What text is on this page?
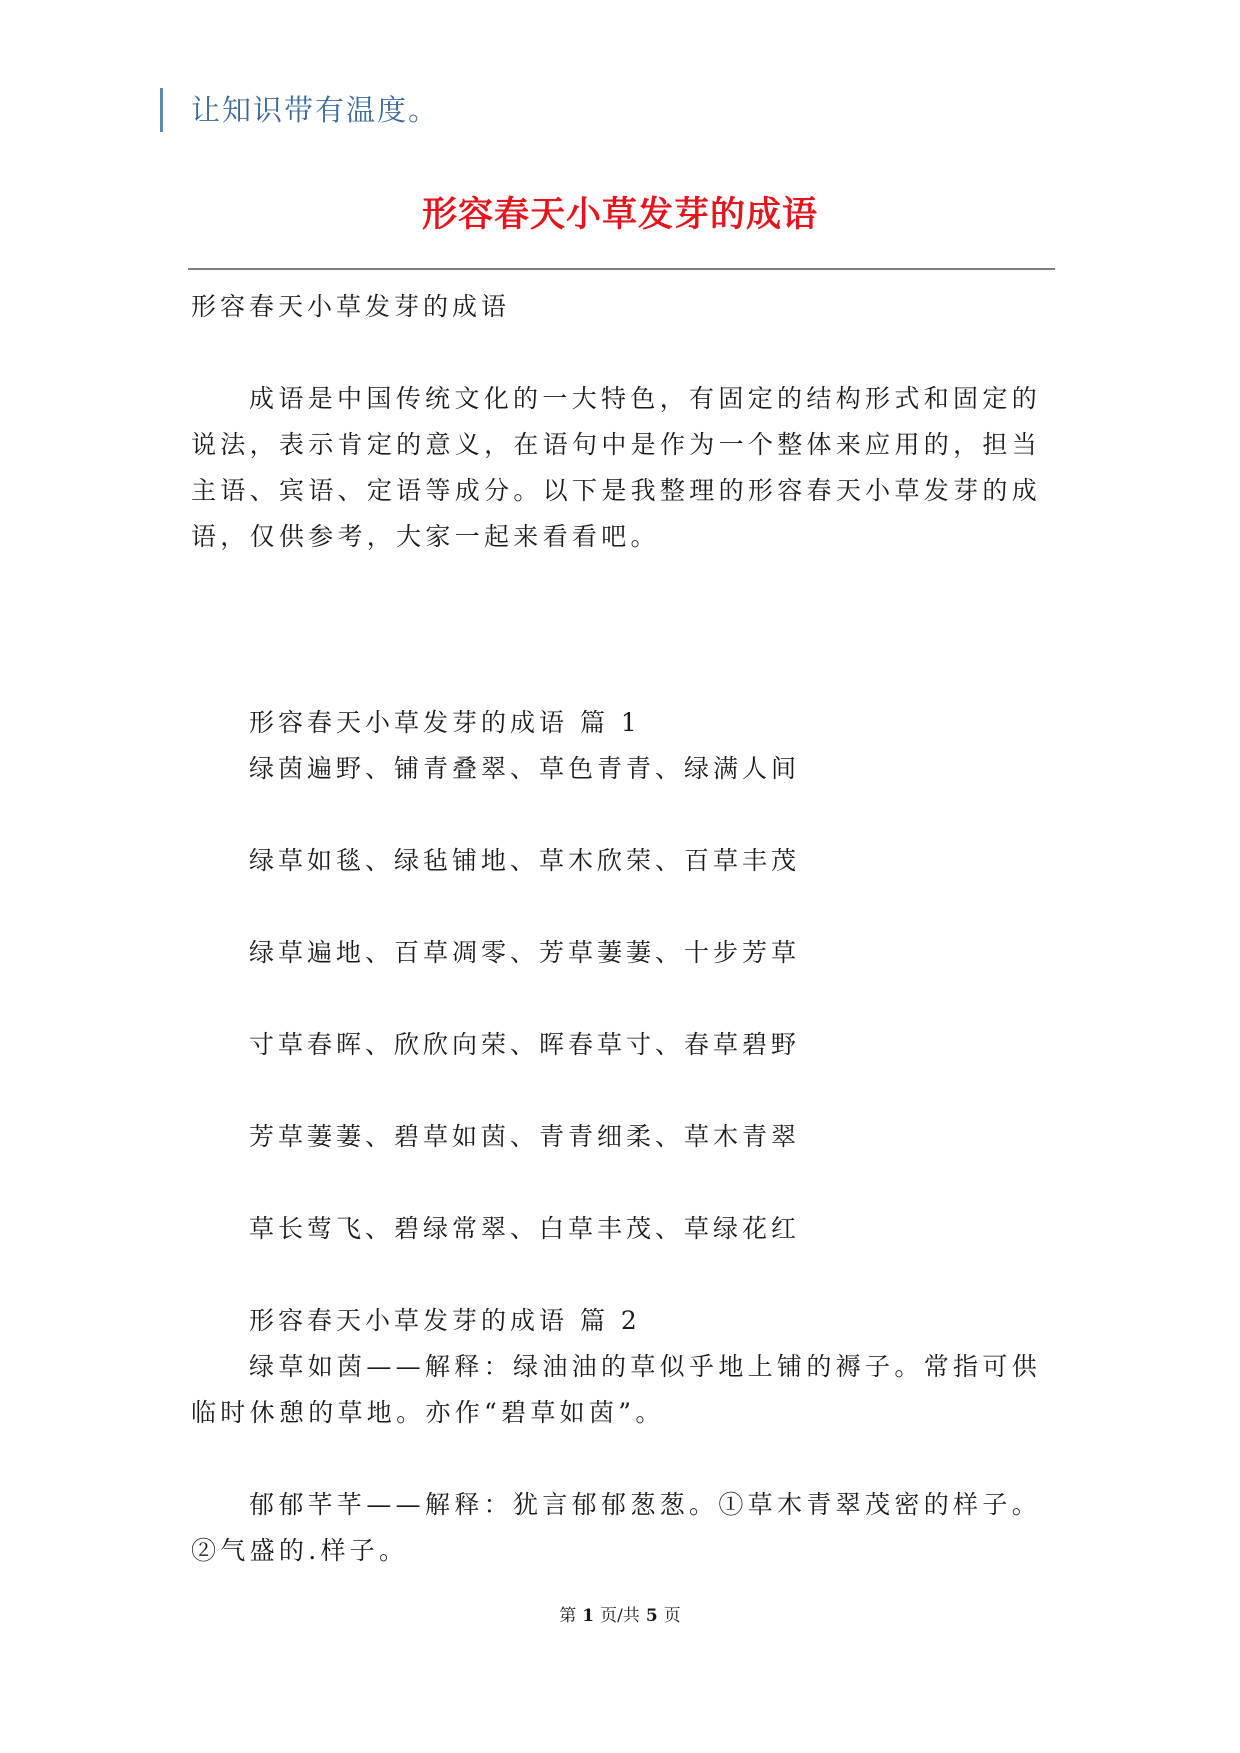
让知识带有温度。
形容春天小草发芽的成语
形容春天小草发芽的成语
成语是中国传统文化的一大特色，有固定的结构形式和固定的说法，表示肯定的意义，在语句中是作为一个整体来应用的，担当主语、宾语、定语等成分。以下是我整理的形容春天小草发芽的成语，仅供参考，大家一起来看看吧。
形容春天小草发芽的成语 篇 1
绿茵遍野、铺青叠翠、草色青青、绿满人间
绿草如毯、绿毡铺地、草木欣荣、百草丰茂
绿草遍地、百草凋零、芳草萋萋、十步芳草
寸草春晖、欣欣向荣、晖春草寸、春草碧野
芳草萋萋、碧草如茵、青青细柔、草木青翠
草长莺飞、碧绿常翠、白草丰茂、草绿花红
形容春天小草发芽的成语 篇 2
绿草如茵——解释：绿油油的草似乎地上铺的褥子。常指可供临时休憩的草地。亦作“碧草如茵”。
郁郁芊芊——解释：犹言郁郁葱葱。①草木青翠茂密的样子。②气盛的.样子。
第 1 页/共 5 页
